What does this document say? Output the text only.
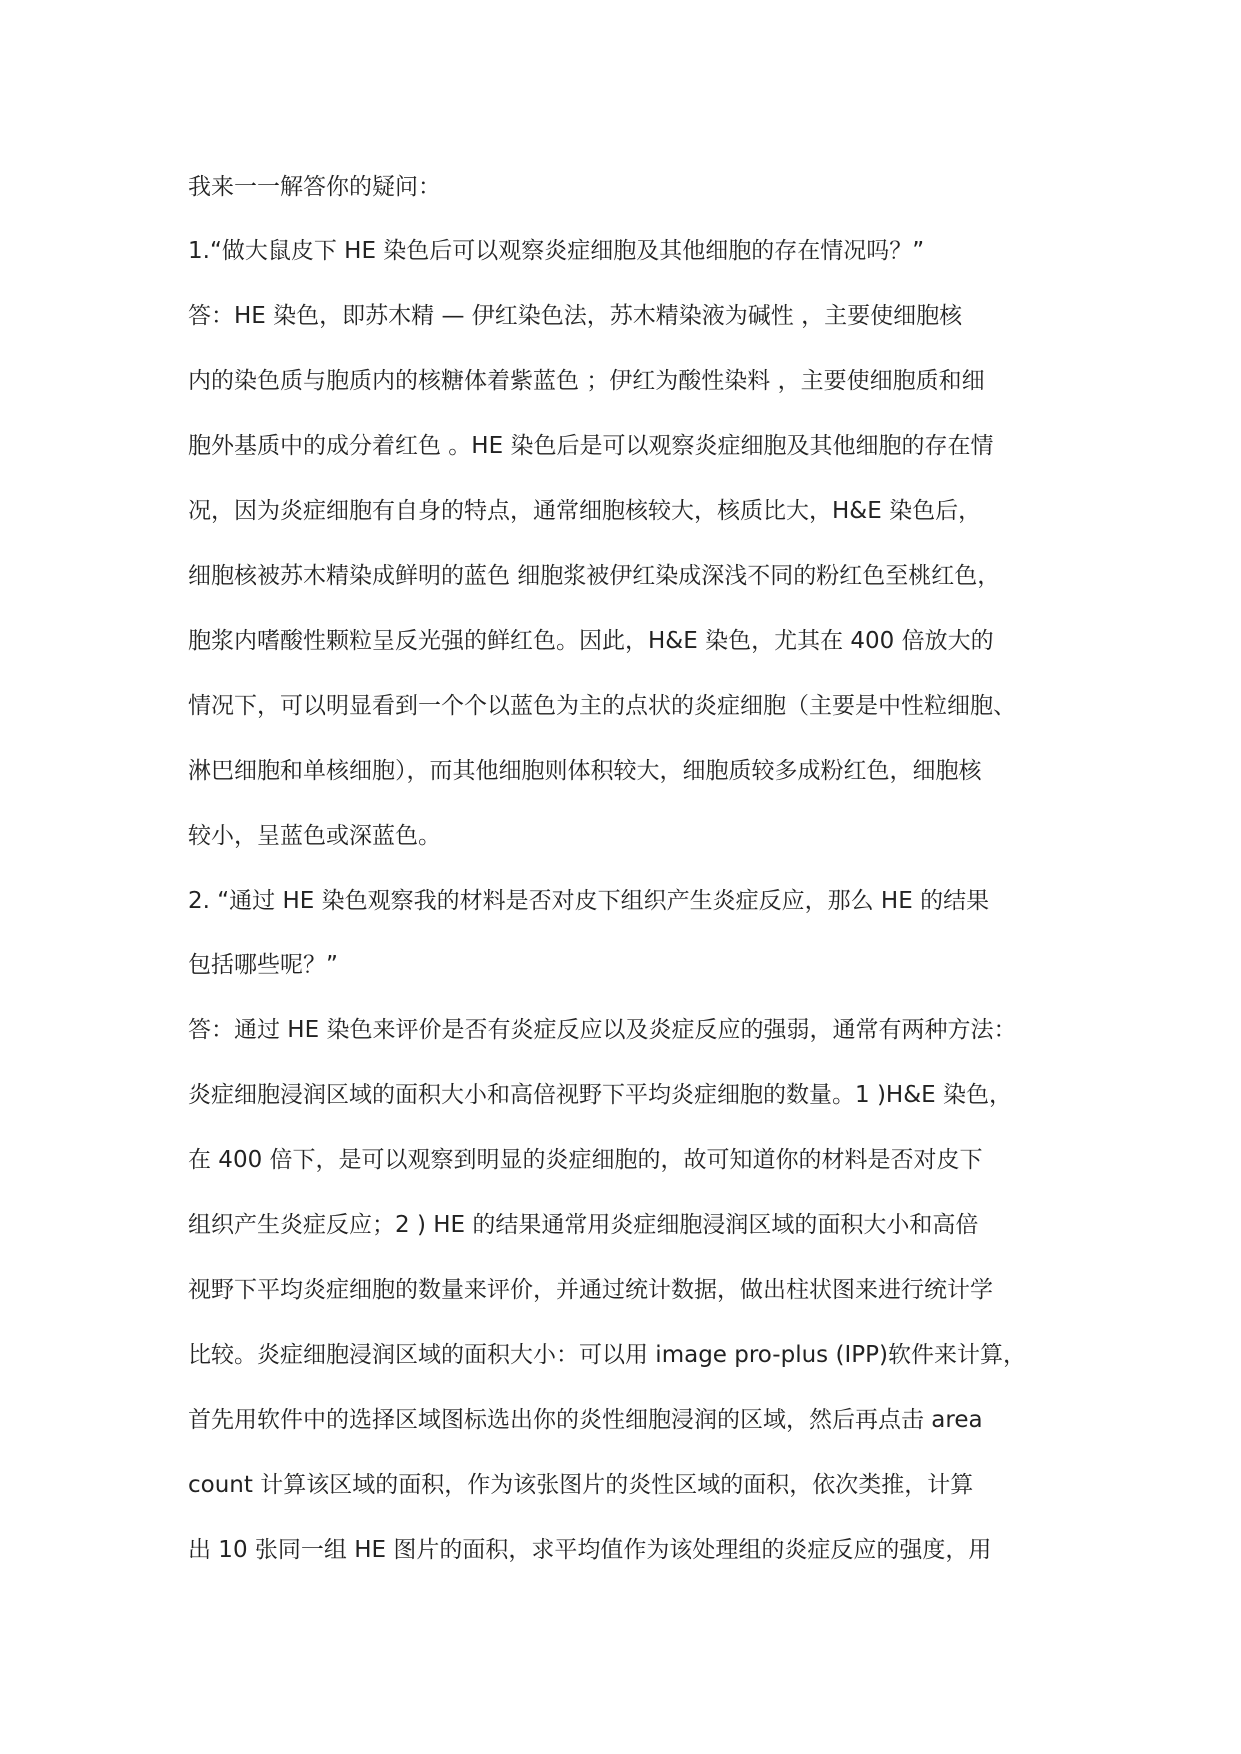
我来一一解答你的疑问：
1.“做大鼠皮下 HE 染色后可以观察炎症细胞及其他细胞的存在情况吗？”
答：HE 染色，即苏木精 — 伊红染色法，苏木精染液为碱性 ，主要使细胞核
内的染色质与胞质内的核糖体着紫蓝色 ；伊红为酸性染料 ，主要使细胞质和细
胞外基质中的成分着红色 。HE 染色后是可以观察炎症细胞及其他细胞的存在情
况，因为炎症细胞有自身的特点，通常细胞核较大，核质比大，H&E 染色后，
细胞核被苏木精染成鲜明的蓝色 细胞浆被伊红染成深浅不同的粉红色至桃红色，
胞浆内嗜酸性颗粒呈反光强的鲜红色。因此，H&E 染色，尤其在 400 倍放大的
情况下，可以明显看到一个个以蓝色为主的点状的炎症细胞（主要是中性粒细胞、
淋巴细胞和单核细胞），而其他细胞则体积较大，细胞质较多成粉红色，细胞核
较小，呈蓝色或深蓝色。
2. “通过 HE 染色观察我的材料是否对皮下组织产生炎症反应，那么 HE 的结果
包括哪些呢？”
答：通过 HE 染色来评价是否有炎症反应以及炎症反应的强弱，通常有两种方法：
炎症细胞浸润区域的面积大小和高倍视野下平均炎症细胞的数量。1 )H&E 染色，
在 400 倍下，是可以观察到明显的炎症细胞的，故可知道你的材料是否对皮下
组织产生炎症反应；2 ) HE 的结果通常用炎症细胞浸润区域的面积大小和高倍
视野下平均炎症细胞的数量来评价，并通过统计数据，做出柱状图来进行统计学
比较。炎症细胞浸润区域的面积大小：可以用 image pro-plus (IPP)软件来计算，
首先用软件中的选择区域图标选出你的炎性细胞浸润的区域，然后再点击 area
count 计算该区域的面积，作为该张图片的炎性区域的面积，依次类推，计算
出 10 张同一组 HE 图片的面积，求平均值作为该处理组的炎症反应的强度，用
